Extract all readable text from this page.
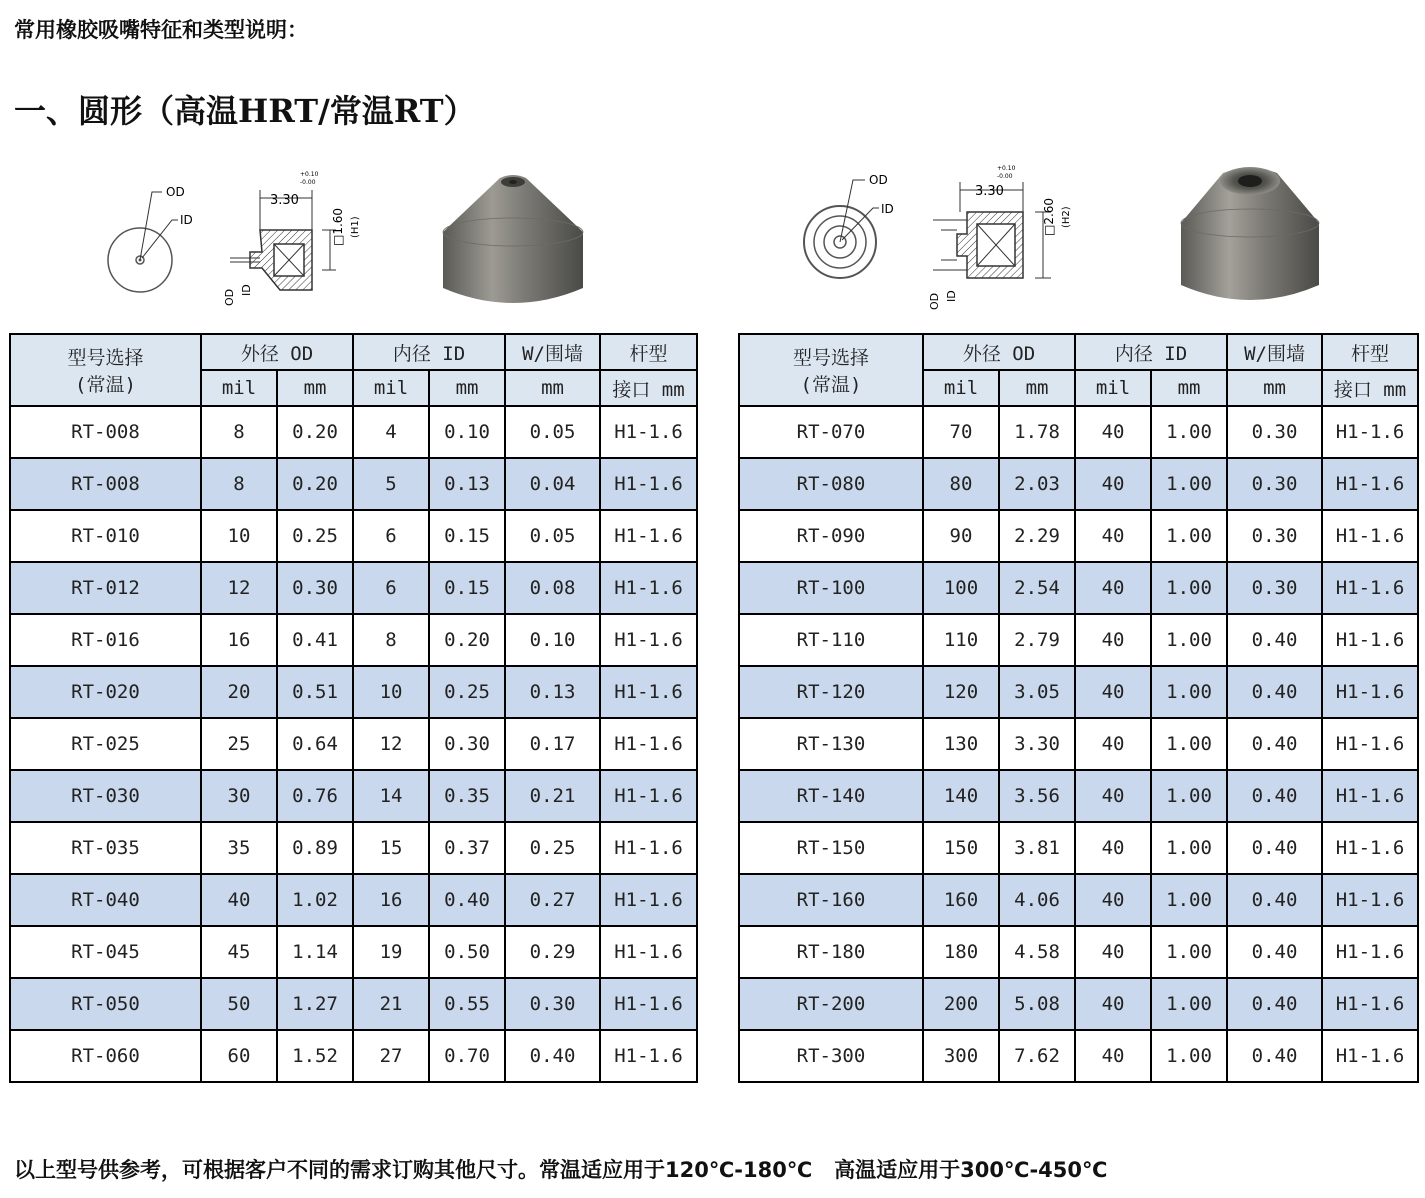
常用橡胶吸嘴特征和类型说明：
一、圆形（高温HRT/常温RT）
OD
ID
3.30
+0.10
-0.00
□1.60 (H1)
OD ID
OD
ID
3.30
+0.10
-0.00
□2.60 (H2)
OD ID
型号选择
(常温)	外径 OD		内径 ID		W/围墙	杆型
	mil	mm	mil	mm	mm	接口 mm
RT-008	8	0.20	4	0.10	0.05	H1-1.6
RT-008	8	0.20	5	0.13	0.04	H1-1.6
RT-010	10	0.25	6	0.15	0.05	H1-1.6
RT-012	12	0.30	6	0.15	0.08	H1-1.6
RT-016	16	0.41	8	0.20	0.10	H1-1.6
RT-020	20	0.51	10	0.25	0.13	H1-1.6
RT-025	25	0.64	12	0.30	0.17	H1-1.6
RT-030	30	0.76	14	0.35	0.21	H1-1.6
RT-035	35	0.89	15	0.37	0.25	H1-1.6
RT-040	40	1.02	16	0.40	0.27	H1-1.6
RT-045	45	1.14	19	0.50	0.29	H1-1.6
RT-050	50	1.27	21	0.55	0.30	H1-1.6
RT-060	60	1.52	27	0.70	0.40	H1-1.6
型号选择
(常温)	外径 OD		内径 ID		W/围墙	杆型
	mil	mm	mil	mm	mm	接口 mm
RT-070	70	1.78	40	1.00	0.30	H1-1.6
RT-080	80	2.03	40	1.00	0.30	H1-1.6
RT-090	90	2.29	40	1.00	0.30	H1-1.6
RT-100	100	2.54	40	1.00	0.30	H1-1.6
RT-110	110	2.79	40	1.00	0.40	H1-1.6
RT-120	120	3.05	40	1.00	0.40	H1-1.6
RT-130	130	3.30	40	1.00	0.40	H1-1.6
RT-140	140	3.56	40	1.00	0.40	H1-1.6
RT-150	150	3.81	40	1.00	0.40	H1-1.6
RT-160	160	4.06	40	1.00	0.40	H1-1.6
RT-180	180	4.58	40	1.00	0.40	H1-1.6
RT-200	200	5.08	40	1.00	0.40	H1-1.6
RT-300	300	7.62	40	1.00	0.40	H1-1.6
以上型号供参考，可根据客户不同的需求订购其他尺寸。常温适应用于120℃-180℃   高温适应用于300℃-450℃
